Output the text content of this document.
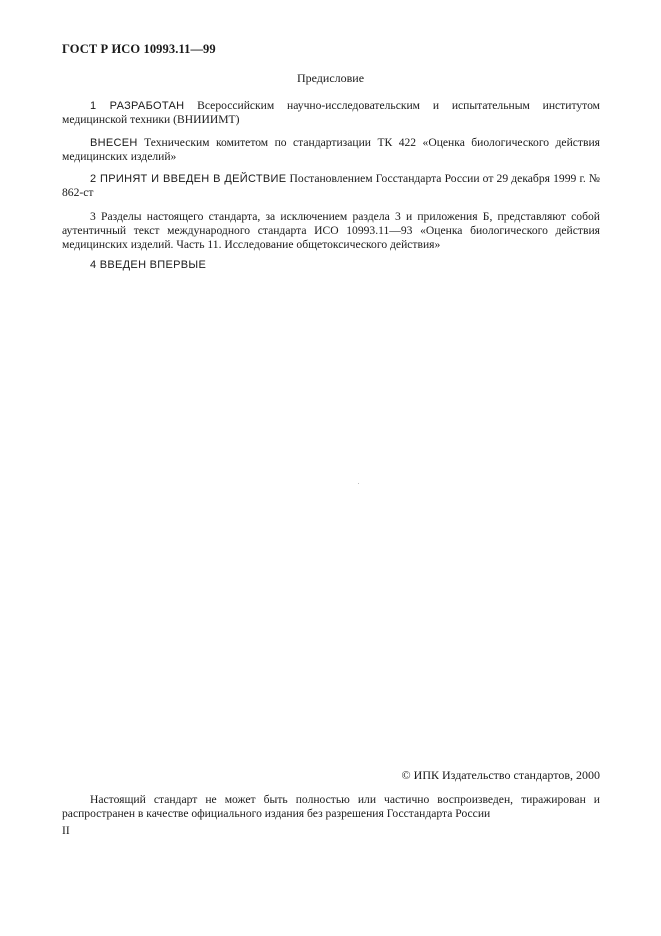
ГОСТ Р ИСО 10993.11—99
Предисловие
1 РАЗРАБОТАН Всероссийским научно-исследовательским и испытательным институтом медицинской техники (ВНИИИМТ)
ВНЕСЕН Техническим комитетом по стандартизации ТК 422 «Оценка биологического действия медицинских изделий»
2 ПРИНЯТ И ВВЕДЕН В ДЕЙСТВИЕ Постановлением Госстандарта России от 29 декабря 1999 г. № 862-ст
3 Разделы настоящего стандарта, за исключением раздела 3 и приложения Б, представляют собой аутентичный текст международного стандарта ИСО 10993.11—93 «Оценка биологического действия медицинских изделий. Часть 11. Исследование общетоксического действия»
4 ВВЕДЕН ВПЕРВЫЕ
© ИПК Издательство стандартов, 2000
Настоящий стандарт не может быть полностью или частично воспроизведен, тиражирован и распространен в качестве официального издания без разрешения Госстандарта России
II
